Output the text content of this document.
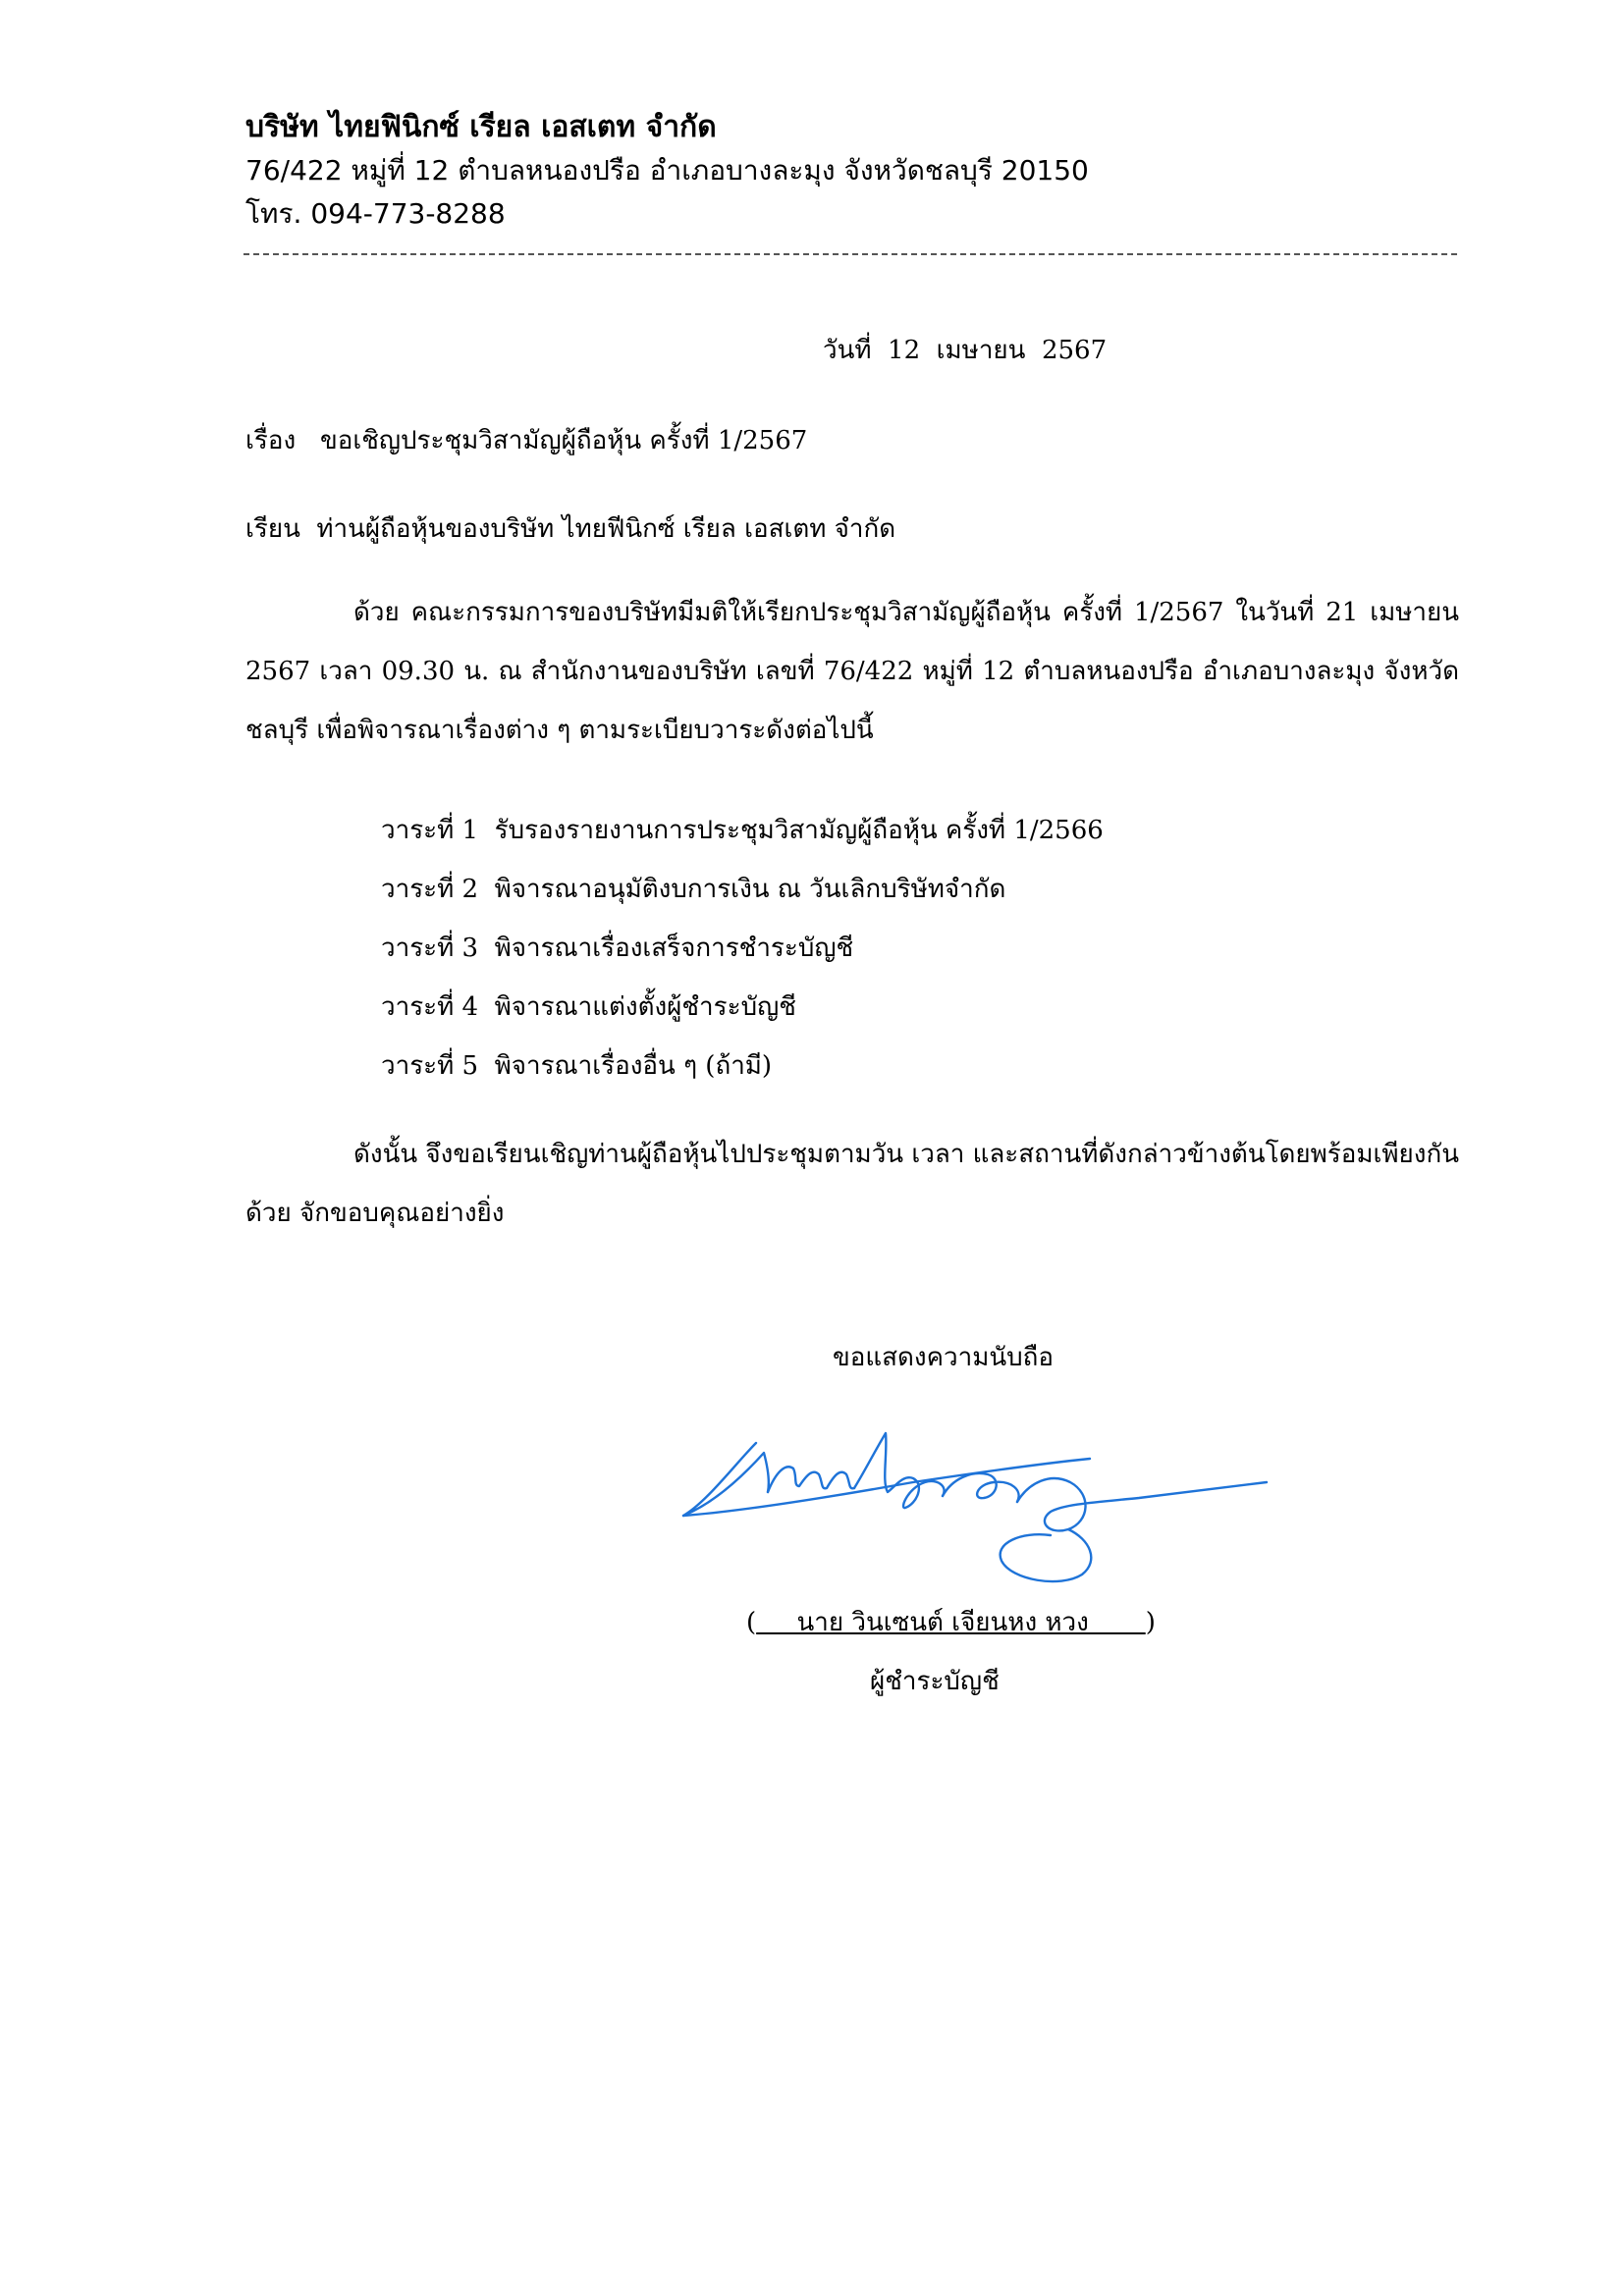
บริษัท ไทยฟินิกซ์ เรียล เอสเตท จำกัด

76/422 หมู่ที่ 12 ตำบลหนองปรือ อำเภอบางละมุง จังหวัดชลบุรี 20150

โทร. 094-773-8288

วันที่  12  เมษายน  2567
เรื่อง   ขอเชิญประชุมวิสามัญผู้ถือหุ้น ครั้งที่ 1/2567
เรียน  ท่านผู้ถือหุ้นของบริษัท ไทยฟีนิกซ์ เรียล เอสเตท จำกัด

ด้วย คณะกรรมการของบริษัทมีมติให้เรียกประชุมวิสามัญผู้ถือหุ้น ครั้งที่ 1/2567 ในวันที่ 21 เมษายน 2567 เวลา 09.30 น. ณ สำนักงานของบริษัท เลขที่ 76/422 หมู่ที่ 12 ตำบลหนองปรือ อำเภอบางละมุง จังหวัดชลบุรี เพื่อพิจารณาเรื่องต่าง ๆ ตามระเบียบวาระดังต่อไปนี้

วาระที่ 1  รับรองรายงานการประชุมวิสามัญผู้ถือหุ้น ครั้งที่ 1/2566
วาระที่ 2  พิจารณาอนุมัติงบการเงิน ณ วันเลิกบริษัทจำกัด
วาระที่ 3  พิจารณาเรื่องเสร็จการชำระบัญชี
วาระที่ 4  พิจารณาแต่งตั้งผู้ชำระบัญชี
วาระที่ 5  พิจารณาเรื่องอื่น ๆ (ถ้ามี)

ดังนั้น จึงขอเรียนเชิญท่านผู้ถือหุ้นไปประชุมตามวัน เวลา และสถานที่ดังกล่าวข้างต้นโดยพร้อมเพียงกันด้วย จักขอบคุณอย่างยิ่ง

ขอแสดงความนับถือ
(     นาย วินเซนต์ เจียนหง หวง       )
ผู้ชำระบัญชี
